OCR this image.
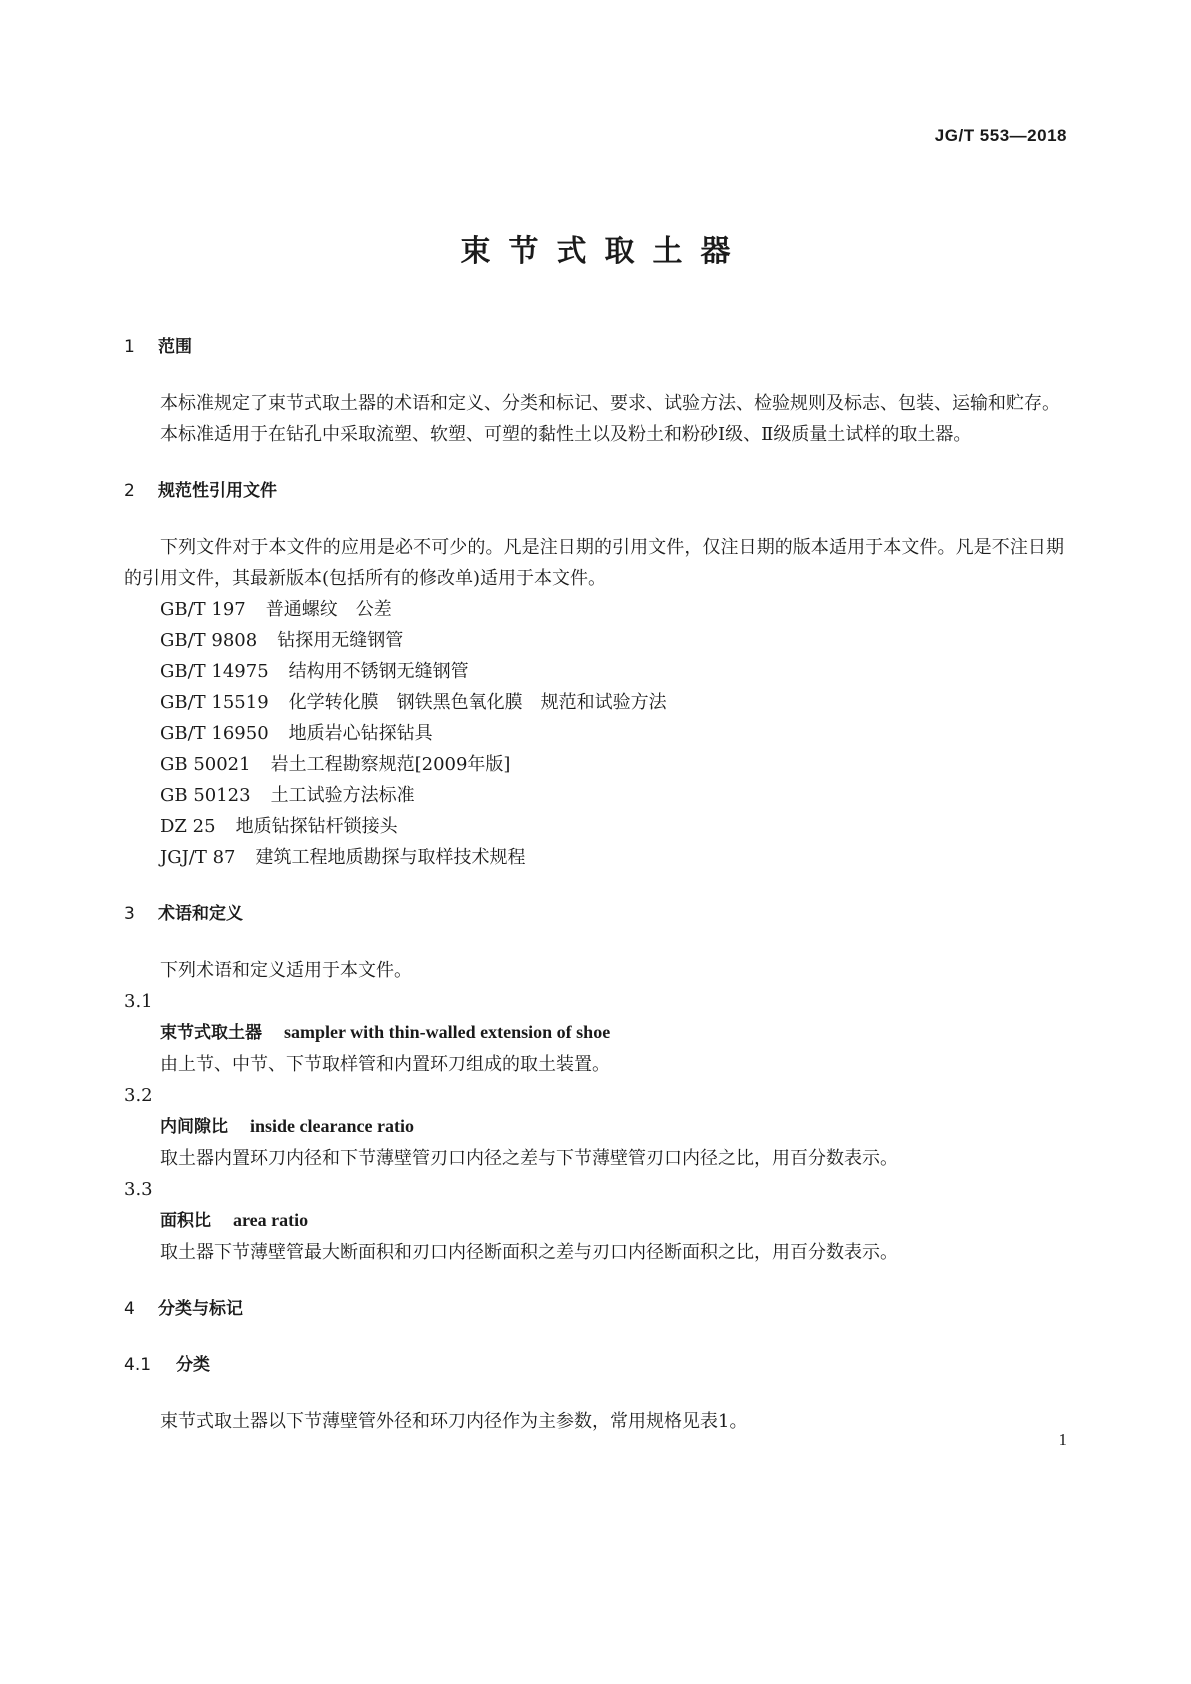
JG/T 553—2018
束节式取土器
1 范围

本标准规定了束节式取土器的术语和定义、分类和标记、要求、试验方法、检验规则及标志、包装、运输和贮存。

本标准适用于在钻孔中采取流塑、软塑、可塑的黏性土以及粉土和粉砂Ⅰ级、Ⅱ级质量土试样的取土器。

2 规范性引用文件

下列文件对于本文件的应用是必不可少的。凡是注日期的引用文件，仅注日期的版本适用于本文件。凡是不注日期的引用文件，其最新版本(包括所有的修改单)适用于本文件。

GB/T 197 普通螺纹　公差
GB/T 9808 钻探用无缝钢管
GB/T 14975 结构用不锈钢无缝钢管
GB/T 15519 化学转化膜　钢铁黑色氧化膜　规范和试验方法
GB/T 16950 地质岩心钻探钻具
GB 50021 岩土工程勘察规范[2009年版]
GB 50123 土工试验方法标准
DZ 25 地质钻探钻杆锁接头
JGJ/T 87 建筑工程地质勘探与取样技术规程
3 术语和定义

下列术语和定义适用于本文件。

3.1

束节式取土器 sampler with thin-walled extension of shoe

由上节、中节、下节取样管和内置环刀组成的取土装置。

3.2

内间隙比 inside clearance ratio

取土器内置环刀内径和下节薄壁管刃口内径之差与下节薄壁管刃口内径之比，用百分数表示。

3.3

面积比 area ratio

取土器下节薄壁管最大断面积和刃口内径断面积之差与刃口内径断面积之比，用百分数表示。

4 分类与标记
4.1 分类

束节式取土器以下节薄壁管外径和环刀内径作为主参数，常用规格见表1。

1
